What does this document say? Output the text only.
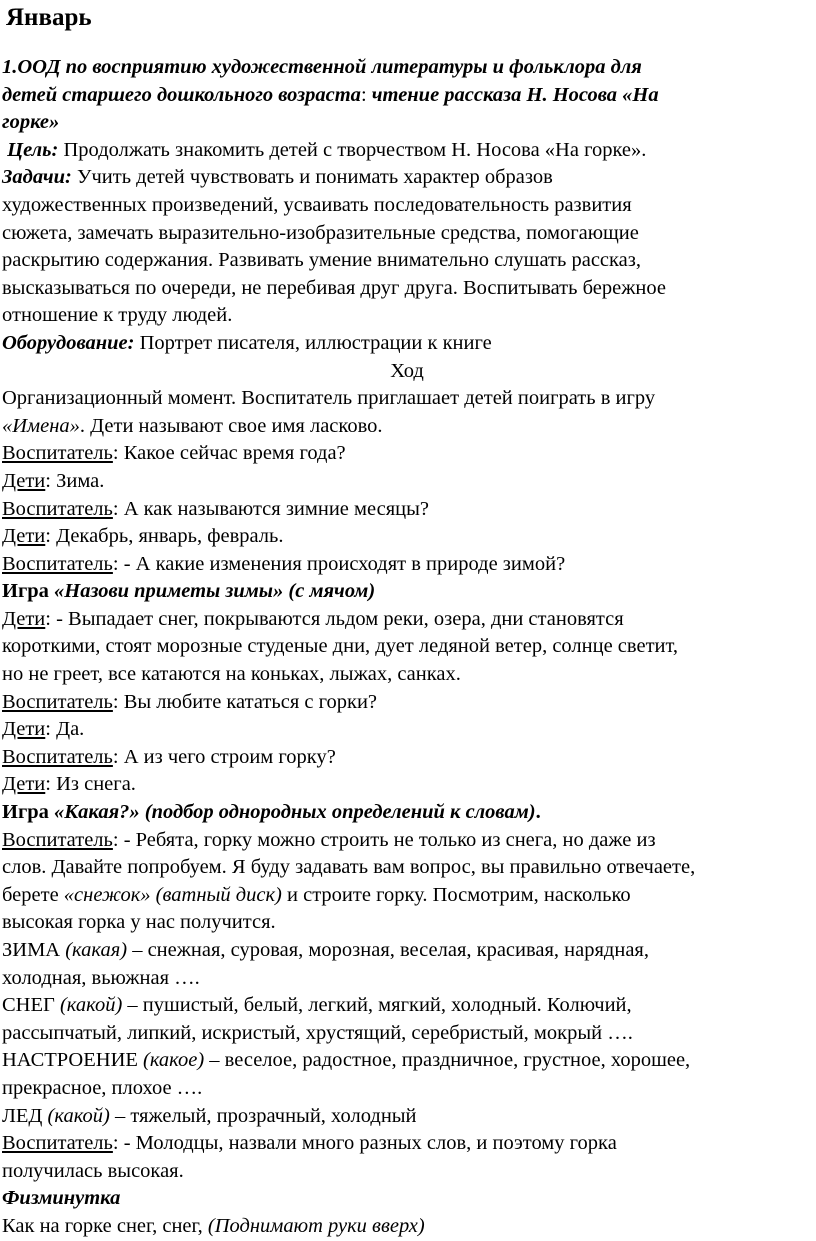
Январь
1.ООД по восприятию художественной литературы и фольклора для
детей старшего дошкольного возраста: чтение рассказа Н. Носова «На
горке»
Цель: Продолжать знакомить детей с творчеством Н. Носова «На горке».
Задачи: Учить детей чувствовать и понимать характер образов
художественных произведений, усваивать последовательность развития
сюжета, замечать выразительно-изобразительные средства, помогающие
раскрытию содержания. Развивать умение внимательно слушать рассказ,
высказываться по очереди, не перебивая друг друга. Воспитывать бережное
отношение к труду людей.
Оборудование: Портрет писателя, иллюстрации к книге
Ход
Организационный момент. Воспитатель приглашает детей поиграть в игру
«Имена». Дети называют свое имя ласково.
Воспитатель: Какое сейчас время года?
Дети: Зима.
Воспитатель: А как называются зимние месяцы?
Дети: Декабрь, январь, февраль.
Воспитатель: - А какие изменения происходят в природе зимой?
Игра «Назови приметы зимы» (с мячом)
Дети: - Выпадает снег, покрываются льдом реки, озера, дни становятся
короткими, стоят морозные студеные дни, дует ледяной ветер, солнце светит,
но не греет, все катаются на коньках, лыжах, санках.
Воспитатель: Вы любите кататься с горки?
Дети: Да.
Воспитатель: А из чего строим горку?
Дети: Из снега.
Игра «Какая?» (подбор однородных определений к словам).
Воспитатель: - Ребята, горку можно строить не только из снега, но даже из
слов. Давайте попробуем. Я буду задавать вам вопрос, вы правильно отвечаете,
берете «снежок» (ватный диск) и строите горку. Посмотрим, насколько
высокая горка у нас получится.
ЗИМА (какая) – снежная, суровая, морозная, веселая, красивая, нарядная,
холодная, вьюжная ….
СНЕГ (какой) – пушистый, белый, легкий, мягкий, холодный. Колючий,
рассыпчатый, липкий, искристый, хрустящий, серебристый, мокрый ….
НАСТРОЕНИЕ (какое) – веселое, радостное, праздничное, грустное, хорошее,
прекрасное, плохое ….
ЛЕД (какой) – тяжелый, прозрачный, холодный
Воспитатель: - Молодцы, назвали много разных слов, и поэтому горка
получилась высокая.
Физминутка
Как на горке снег, снег, (Поднимают руки вверх)
